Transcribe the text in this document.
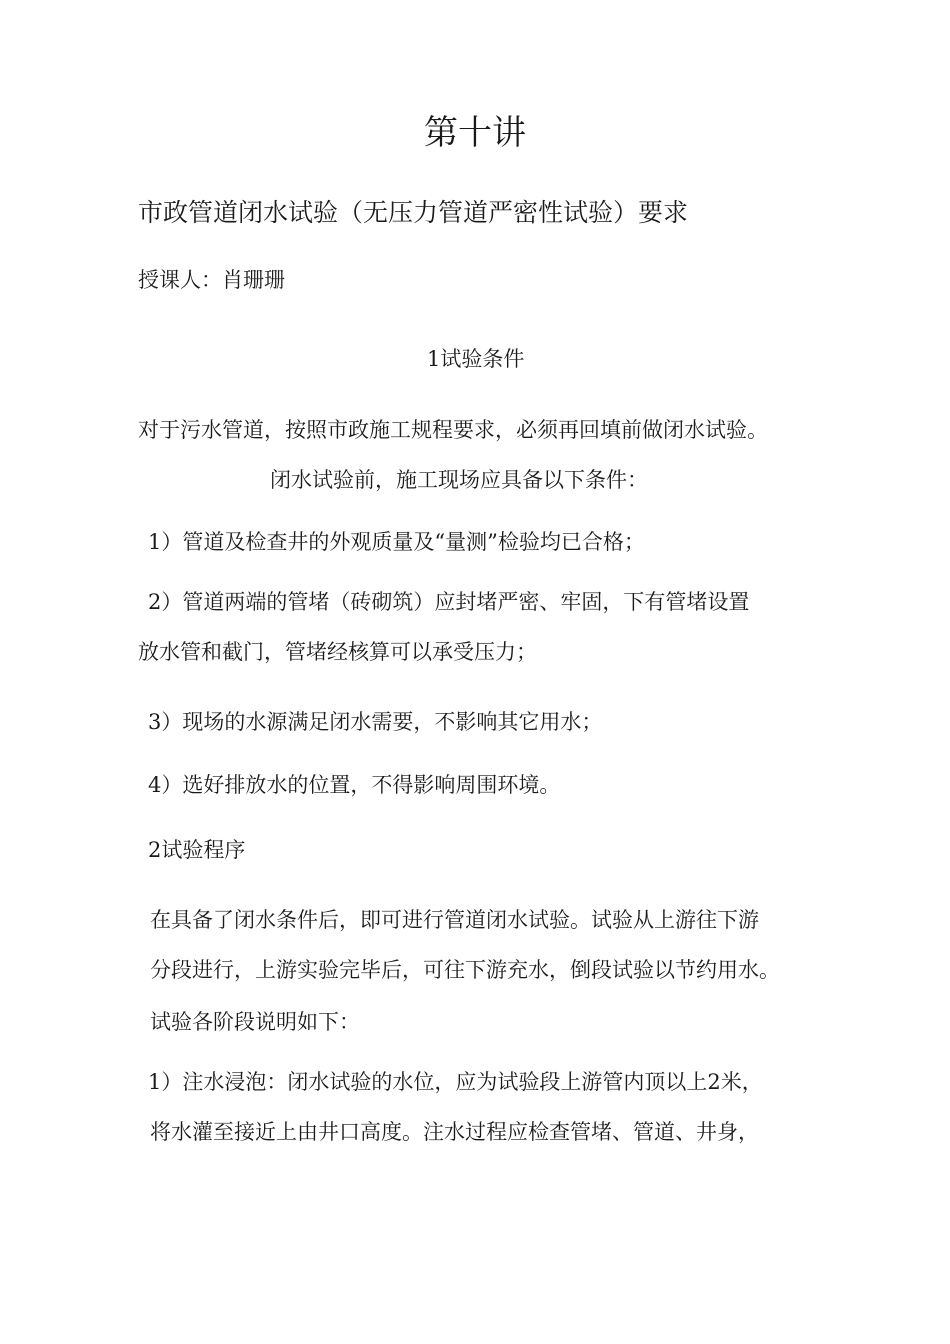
第十讲
市政管道闭水试验（无压力管道严密性试验）要求

授课人：肖珊珊

1试验条件

对于污水管道，按照市政施工规程要求，必须再回填前做闭水试验。

闭水试验前，施工现场应具备以下条件：

1）管道及检查井的外观质量及“量测”检验均已合格；

2）管道两端的管堵（砖砌筑）应封堵严密、牢固，下有管堵设置

放水管和截门，管堵经核算可以承受压力；

3）现场的水源满足闭水需要，不影响其它用水；

4）选好排放水的位置，不得影响周围环境。

2试验程序

在具备了闭水条件后，即可进行管道闭水试验。试验从上游往下游

分段进行，上游实验完毕后，可往下游充水，倒段试验以节约用水。

试验各阶段说明如下：

1）注水浸泡：闭水试验的水位，应为试验段上游管内顶以上2米，

将水灌至接近上由井口高度。注水过程应检查管堵、管道、井身，
